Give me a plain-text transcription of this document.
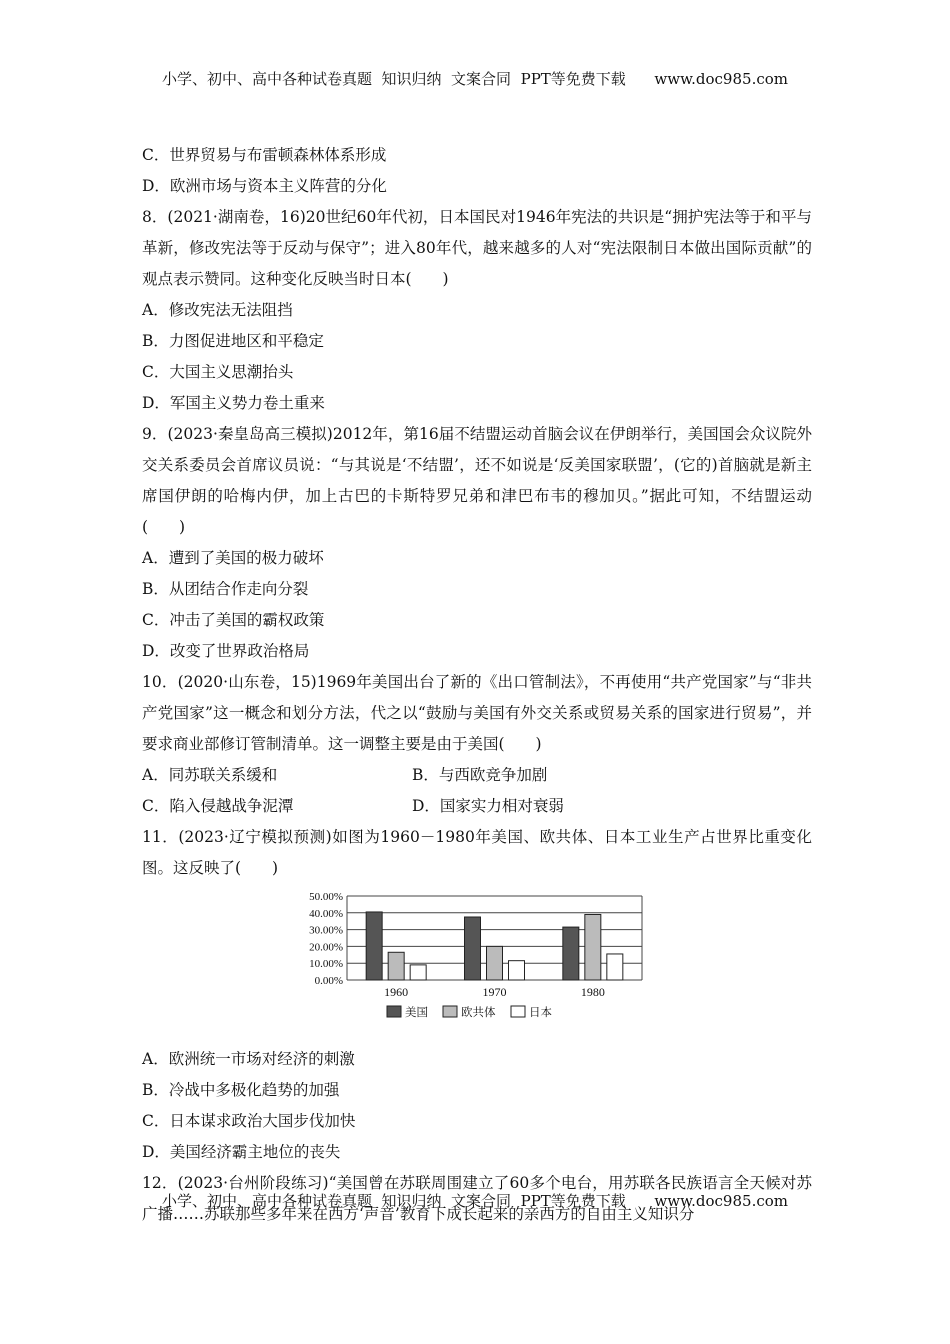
小学、初中、高中各种试卷真题  知识归纳  文案合同  PPT等免费下载      www.doc985.com
C．世界贸易与布雷顿森林体系形成
D．欧洲市场与资本主义阵营的分化
8．(2021·湖南卷，16)20世纪60年代初，日本国民对1946年宪法的共识是“拥护宪法等于和平与革新，修改宪法等于反动与保守”；进入80年代，越来越多的人对“宪法限制日本做出国际贡献”的观点表示赞同。这种变化反映当时日本(　　)
A．修改宪法无法阻挡
B．力图促进地区和平稳定
C．大国主义思潮抬头
D．军国主义势力卷土重来
9．(2023·秦皇岛高三模拟)2012年，第16届不结盟运动首脑会议在伊朗举行，美国国会众议院外交关系委员会首席议员说：“与其说是‘不结盟’，还不如说是‘反美国家联盟’，(它的)首脑就是新主席国伊朗的哈梅内伊，加上古巴的卡斯特罗兄弟和津巴布韦的穆加贝。”据此可知，不结盟运动(　　)
A．遭到了美国的极力破坏
B．从团结合作走向分裂
C．冲击了美国的霸权政策
D．改变了世界政治格局
10．(2020·山东卷，15)1969年美国出台了新的《出口管制法》，不再使用“共产党国家”与“非共产党国家”这一概念和划分方法，代之以“鼓励与美国有外交关系或贸易关系的国家进行贸易”，并要求商业部修订管制清单。这一调整主要是由于美国(　　)
A．同苏联关系缓和	B．与西欧竞争加剧
C．陷入侵越战争泥潭	D．国家实力相对衰弱
11．(2023·辽宁模拟预测)如图为1960－1980年美国、欧共体、日本工业生产占世界比重变化图。这反映了(　　)
50.00%
40.00%
30.00%
20.00%
10.00%
0.00%
1960	1970	1980
美国	欧共体	日本
A．欧洲统一市场对经济的刺激
B．冷战中多极化趋势的加强
C．日本谋求政治大国步伐加快
D．美国经济霸主地位的丧失
12．(2023·台州阶段练习)“美国曾在苏联周围建立了60多个电台，用苏联各民族语言全天候对苏广播……苏联那些多年来在西方‘声音’教育下成长起来的亲西方的自由主义知识分
小学、初中、高中各种试卷真题  知识归纳  文案合同  PPT等免费下载      www.doc985.com
